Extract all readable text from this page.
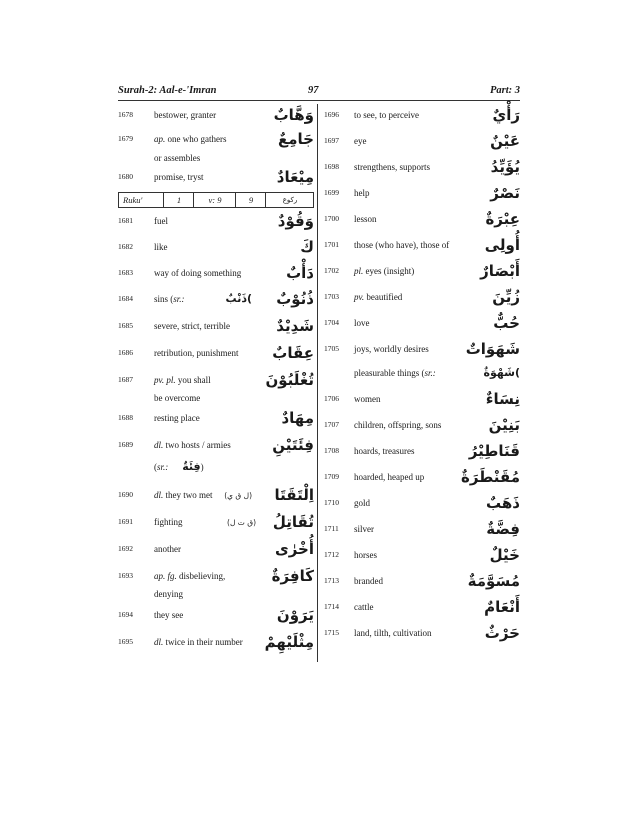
Surah-2: Aal-e-'Imran	97	Part: 3
1678 bestower, granter	وَهَّابٌ
1679 ap. one who gathers	جَامِعٌ
or assembles
1680 promise, tryst	مِيْعَادٌ
Ruku'	1	v: 9	9	رکوع
1681 fuel	وَقُوْدٌ
1682 like	كَ
1683 way of doing something	دَأْبٌ
1684 sins (sr.:	)ذَنْبٌ	ذُنُوْبٌ
1685 severe, strict, terrible	شَدِيْدٌ
1686 retribution, punishment عِقَابٌ
1687 pv. pl. you shall	تُغْلَبُوْنَ
be overcome
1688 resting place	مِهَادٌ
1689 dl. two hosts / armies	فِئَتَيْنِ
(sr.: فِئَةٌ)
1690 dl. they two met (ل ق ي) اِلْتَقَتَا
1691 fighting	(ق ت ل) تُقَاتِلُ
1692 another	أُخْرٰى
1693 ap. fg. disbelieving,	كَافِرَةٌ
denying
1694 they see	يَرَوْنَ
1695 dl. twice in their number مِثْلَيْهِمْ
1696 to see, to perceive	رَأْيٌ
1697 eye	عَيْنٌ
1698 strengthens, supports	يُؤَيِّدُ
1699 help	نَصْرٌ
1700 lesson	عِبْرَةٌ
1701 those (who have), those of أُولِى
1702 pl. eyes (insight)	أَبْصَارٌ
1703 pv. beautified	زُيِّنَ
1704 love	حُبٌّ
1705 joys, worldly desires شَهَوَاتٌ
pleasurable things (sr.:	)شَهْوَةٌ
1706 women	نِسَاءٌ
1707 children, offspring, sons	بَنِيْنَ
1708 hoards, treasures	قَنَاطِيْرُ
1709 hoarded, heaped up مُقَنْطَرَةٌ
1710 gold	ذَهَبٌ
1711 silver	فِضَّةٌ
1712 horses	خَيْلٌ
1713 branded	مُسَوَّمَةٌ
1714 cattle	أَنْعَامٌ
1715 land, tilth, cultivation	حَرْثٌ
